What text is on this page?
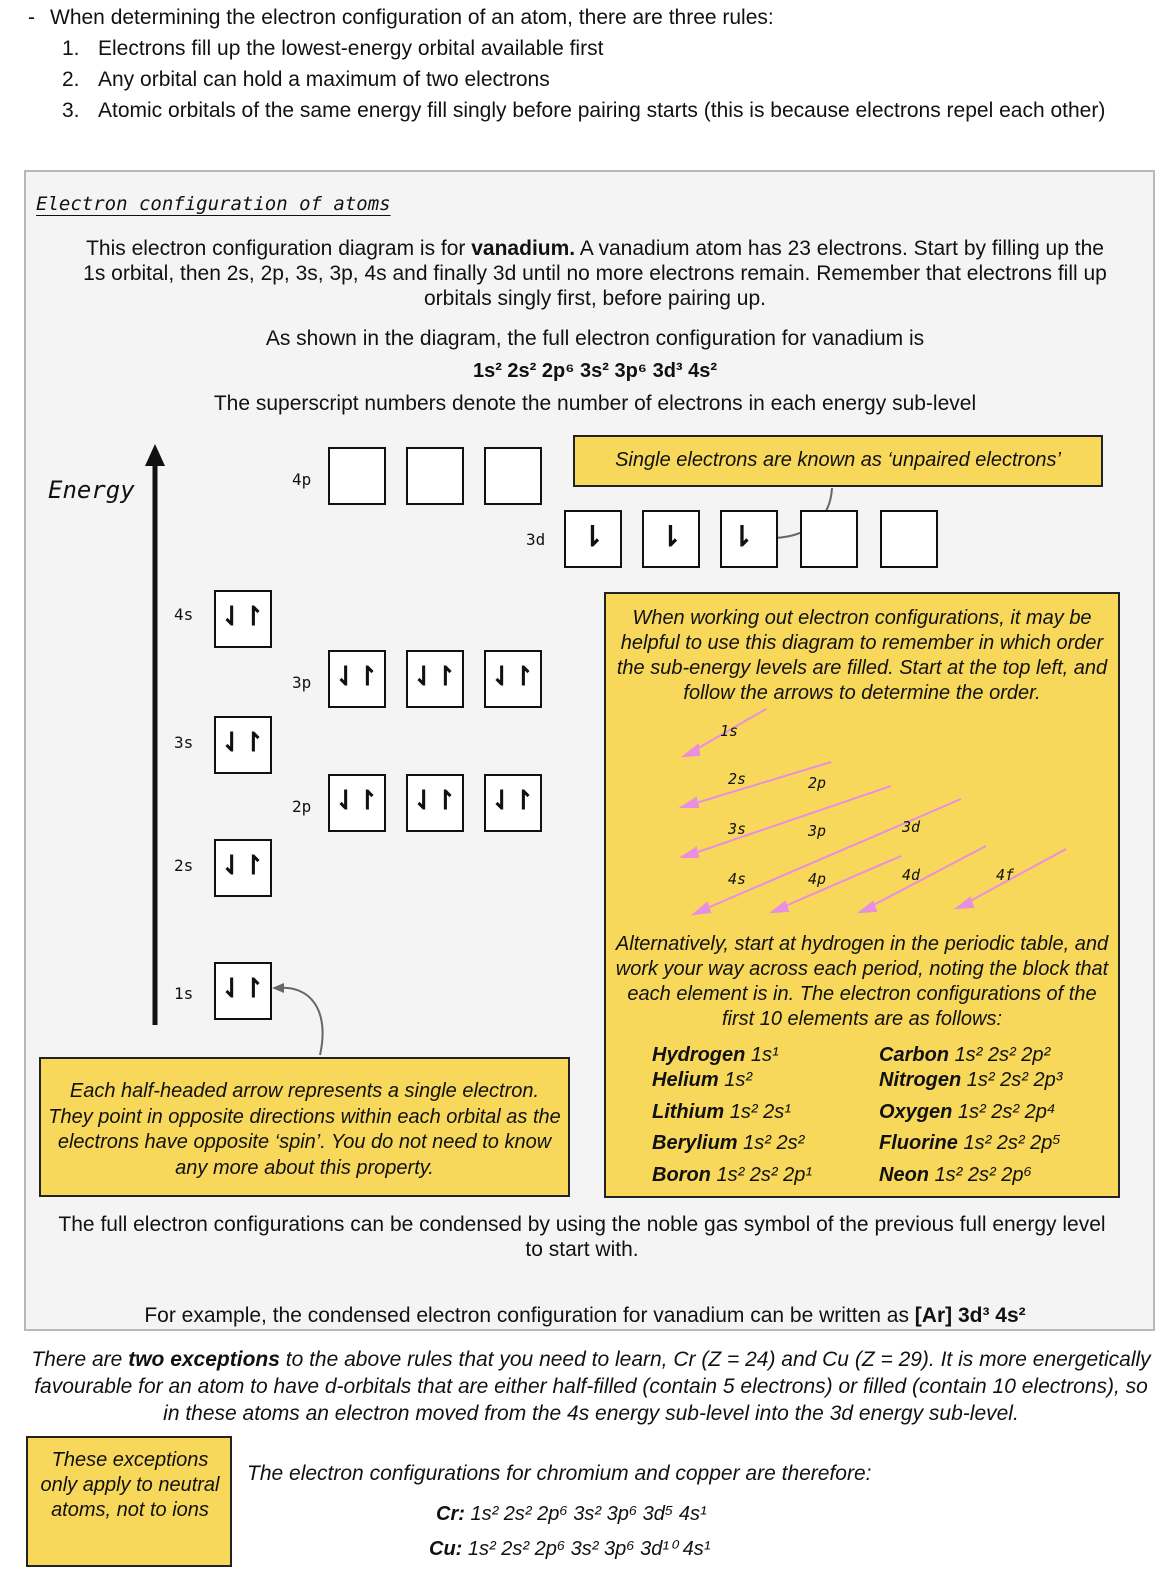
- When determining the electron configuration of an atom, there are three rules:
1. Electrons fill up the lowest-energy orbital available first
2. Any orbital can hold a maximum of two electrons
3. Atomic orbitals of the same energy fill singly before pairing starts (this is because electrons repel each other)
Electron configuration of atoms
This electron configuration diagram is for vanadium. A vanadium atom has 23 electrons. Start by filling up the 1s orbital, then 2s, 2p, 3s, 3p, 4s and finally 3d until no more electrons remain. Remember that electrons fill up orbitals singly first, before pairing up.
As shown in the diagram, the full electron configuration for vanadium is
1s² 2s² 2p⁶ 3s² 3p⁶ 3d³ 4s²
The superscript numbers denote the number of electrons in each energy sub-level
Energy
4s ⇃↾
3s ⇃↾
2s ⇃↾
1s ⇃↾
4p
3p ⇃↾ ⇃↾ ⇃↾
2p ⇃↾ ⇃↾ ⇃↾
3d	⇂	⇂	⇂
Single electrons are known as ‘unpaired electrons’
Each half-headed arrow represents a single electron. They point in opposite directions within each orbital as the electrons have opposite ‘spin’. You do not need to know any more about this property.
When working out electron configurations, it may be helpful to use this diagram to remember in which order the sub-energy levels are filled. Start at the top left, and follow the arrows to determine the order.
1s
2s	2p
3s	3p	3d
4s	4p	4d	4f
Alternatively, start at hydrogen in the periodic table, and work your way across each period, noting the block that each element is in. The electron configurations of the first 10 elements are as follows:
Hydrogen 1s¹
Helium 1s²
Lithium 1s² 2s¹
Berylium 1s² 2s²
Boron 1s² 2s² 2p¹
Carbon 1s² 2s² 2p²
Nitrogen 1s² 2s² 2p³
Oxygen 1s² 2s² 2p⁴
Fluorine 1s² 2s² 2p⁵
Neon 1s² 2s² 2p⁶
The full electron configurations can be condensed by using the noble gas symbol of the previous full energy level to start with.
For example, the condensed electron configuration for vanadium can be written as [Ar] 3d³ 4s²
There are two exceptions to the above rules that you need to learn, Cr (Z = 24) and Cu (Z = 29). It is more energetically favourable for an atom to have d-orbitals that are either half-filled (contain 5 electrons) or filled (contain 10 electrons), so in these atoms an electron moved from the 4s energy sub-level into the 3d energy sub-level.
These exceptions only apply to neutral atoms, not to ions
The electron configurations for chromium and copper are therefore:
Cr: 1s² 2s² 2p⁶ 3s² 3p⁶ 3d⁵ 4s¹
Cu: 1s² 2s² 2p⁶ 3s² 3p⁶ 3d¹⁰ 4s¹
